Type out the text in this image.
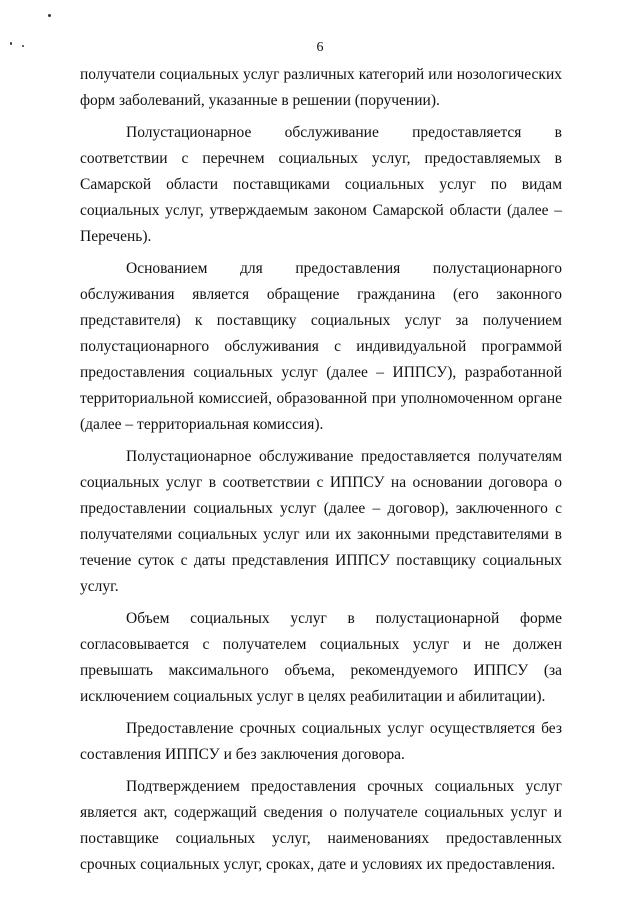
6

получатели социальных услуг различных категорий или нозологических форм заболеваний, указанные в решении (поручении).

Полустационарное обслуживание предоставляется в соответствии с перечнем социальных услуг, предоставляемых в Самарской области поставщиками социальных услуг по видам социальных услуг, утверждаемым законом Самарской области (далее – Перечень).

Основанием для предоставления полустационарного обслуживания является обращение гражданина (его законного представителя) к поставщику социальных услуг за получением полустационарного обслуживания с индивидуальной программой предоставления социальных услуг (далее – ИППСУ), разработанной территориальной комиссией, образованной при уполномоченном органе (далее – территориальная комиссия).

Полустационарное обслуживание предоставляется получателям социальных услуг в соответствии с ИППСУ на основании договора о предоставлении социальных услуг (далее – договор), заключенного с получателями социальных услуг или их законными представителями в течение суток с даты представления ИППСУ поставщику социальных услуг.

Объем социальных услуг в полустационарной форме согласовывается с получателем социальных услуг и не должен превышать максимального объема, рекомендуемого ИППСУ (за исключением социальных услуг в целях реабилитации и абилитации).

Предоставление срочных социальных услуг осуществляется без составления ИППСУ и без заключения договора.

Подтверждением предоставления срочных социальных услуг является акт, содержащий сведения о получателе социальных услуг и поставщике социальных услуг, наименованиях предоставленных срочных социальных услуг, сроках, дате и условиях их предоставления.
